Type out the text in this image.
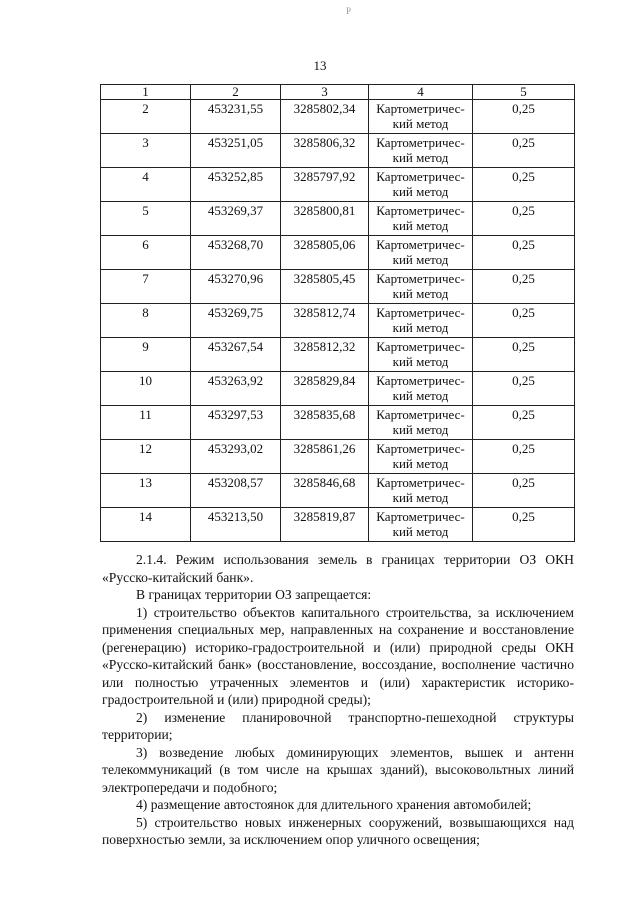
Р
13
1	2	3	4	5
2	453231,55	3285802,34	Картометричес-кий метод	0,25
3	453251,05	3285806,32	Картометричес-кий метод	0,25
4	453252,85	3285797,92	Картометричес-кий метод	0,25
5	453269,37	3285800,81	Картометричес-кий метод	0,25
6	453268,70	3285805,06	Картометричес-кий метод	0,25
7	453270,96	3285805,45	Картометричес-кий метод	0,25
8	453269,75	3285812,74	Картометричес-кий метод	0,25
9	453267,54	3285812,32	Картометричес-кий метод	0,25
10	453263,92	3285829,84	Картометричес-кий метод	0,25
11	453297,53	3285835,68	Картометричес-кий метод	0,25
12	453293,02	3285861,26	Картометричес-кий метод	0,25
13	453208,57	3285846,68	Картометричес-кий метод	0,25
14	453213,50	3285819,87	Картометричес-кий метод	0,25

2.1.4. Режим использования земель в границах территории ОЗ ОКН «Русско-китайский банк».

В границах территории ОЗ запрещается:

1) строительство объектов капитального строительства, за исключением применения специальных мер, направленных на сохранение и восстановление (регенерацию) историко-градостроительной и (или) природной среды ОКН «Русско-китайский банк» (восстановление, воссоздание, восполнение частично или полностью утраченных элементов и (или) характеристик историко-градостроительной и (или) природной среды);

2) изменение планировочной транспортно-пешеходной структуры территории;

3) возведение любых доминирующих элементов, вышек и антенн телекоммуникаций (в том числе на крышах зданий), высоковольтных линий электропередачи и подобного;

4) размещение автостоянок для длительного хранения автомобилей;

5) строительство новых инженерных сооружений, возвышающихся над поверхностью земли, за исключением опор уличного освещения;
